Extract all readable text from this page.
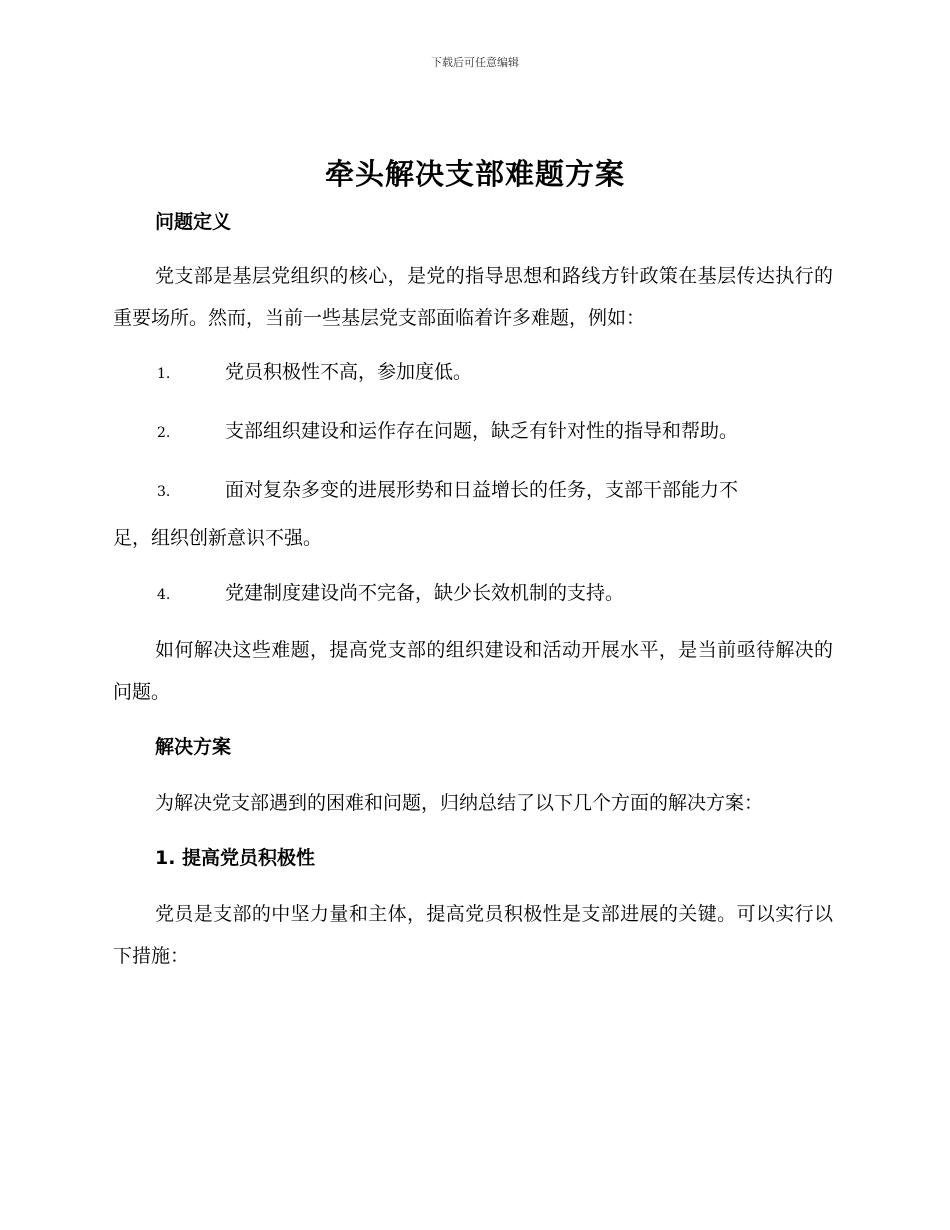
下载后可任意编辑
牵头解决支部难题方案
问题定义

党支部是基层党组织的核心，是党的指导思想和路线方针政策在基层传达执行的重要场所。然而，当前一些基层党支部面临着许多难题，例如：

1.	党员积极性不高，参加度低。
2.	支部组织建设和运作存在问题，缺乏有针对性的指导和帮助。
3.	面对复杂多变的进展形势和日益增长的任务，支部干部能力不
足，组织创新意识不强。
4.	党建制度建设尚不完备，缺少长效机制的支持。

如何解决这些难题，提高党支部的组织建设和活动开展水平，是当前亟待解决的问题。

解决方案

为解决党支部遇到的困难和问题，归纳总结了以下几个方面的解决方案：

1. 提高党员积极性

党员是支部的中坚力量和主体，提高党员积极性是支部进展的关键。可以实行以下措施：
